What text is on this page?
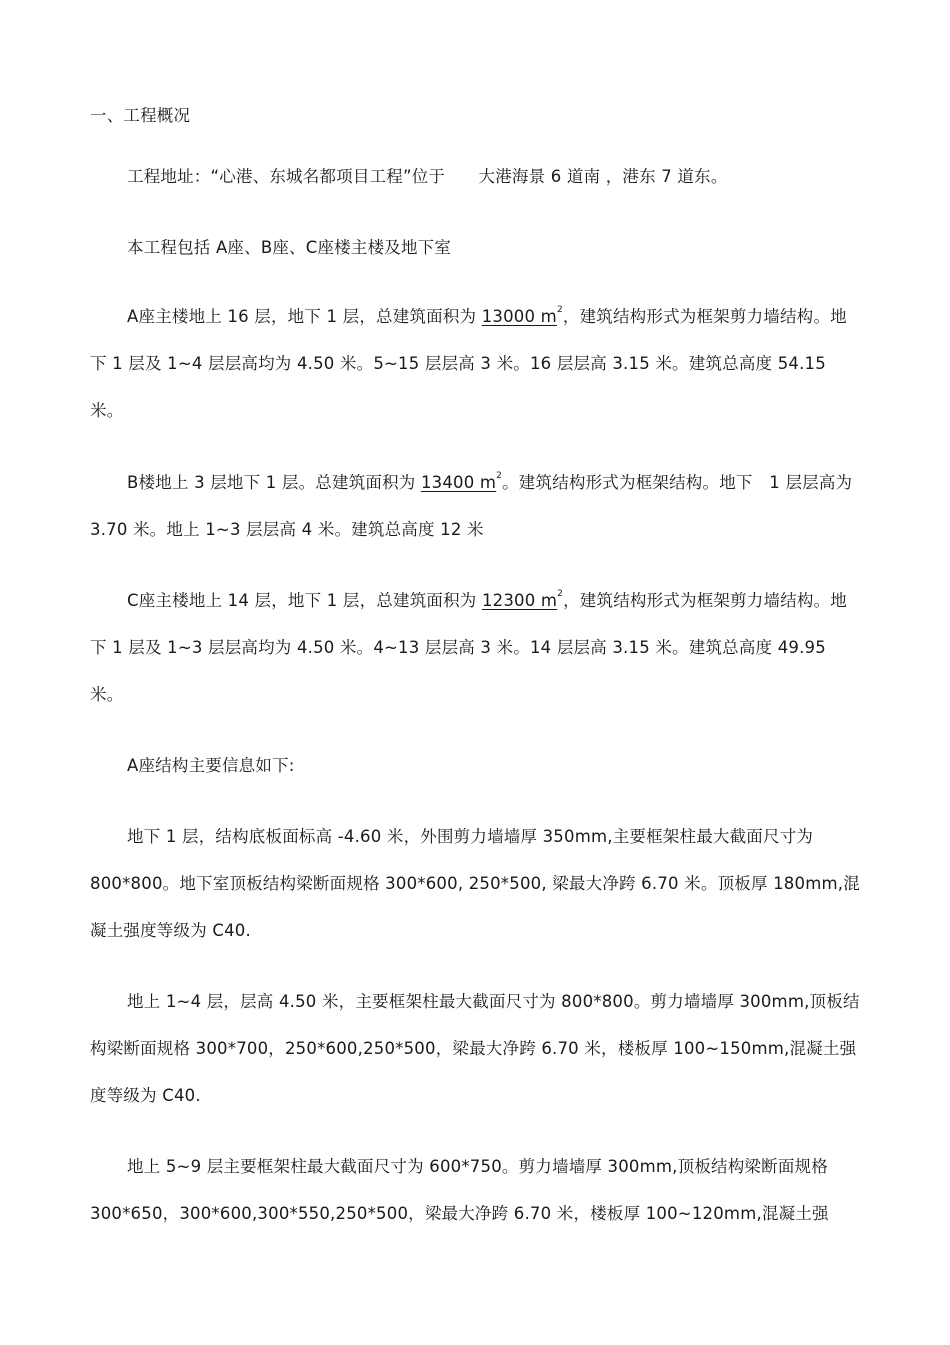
一、工程概况

工程地址：“心港、东城名都项目工程”位于　　大港海景 6 道南 ，港东 7 道东。

本工程包括 A座、B座、C座楼主楼及地下室

A座主楼地上 16 层，地下 1 层，总建筑面积为 13000 $m^2$，建筑结构形式为框架剪力墙结构。地下 1 层及 1~4 层层高均为 4.50 米。5~15 层层高 3 米。16 层层高 3.15 米。建筑总高度 54.15 米。

B楼地上 3 层地下 1 层。总建筑面积为 13400 $m^2$。建筑结构形式为框架结构。地下　1 层层高为 3.70 米。地上 1~3 层层高 4 米。建筑总高度 12 米

C座主楼地上 14 层，地下 1 层，总建筑面积为 12300 $m^2$，建筑结构形式为框架剪力墙结构。地下 1 层及 1~3 层层高均为 4.50 米。4~13 层层高 3 米。14 层层高 3.15 米。建筑总高度 49.95 米。

A座结构主要信息如下:

地下 1 层，结构底板面标高 -4.60 米，外围剪力墙墙厚 350mm,主要框架柱最大截面尺寸为 800*800。地下室顶板结构梁断面规格 300*600, 250*500, 梁最大净跨 6.70 米。顶板厚 180mm,混凝土强度等级为 C40.

地上 1~4 层，层高 4.50 米，主要框架柱最大截面尺寸为 800*800。剪力墙墙厚 300mm,顶板结构梁断面规格 300*700，250*600,250*500，梁最大净跨 6.70 米，楼板厚 100~150mm,混凝土强度等级为 C40.

地上 5~9 层主要框架柱最大截面尺寸为 600*750。剪力墙墙厚 300mm,顶板结构梁断面规格 300*650，300*600,300*550,250*500，梁最大净跨 6.70 米，楼板厚 100~120mm,混凝土强
